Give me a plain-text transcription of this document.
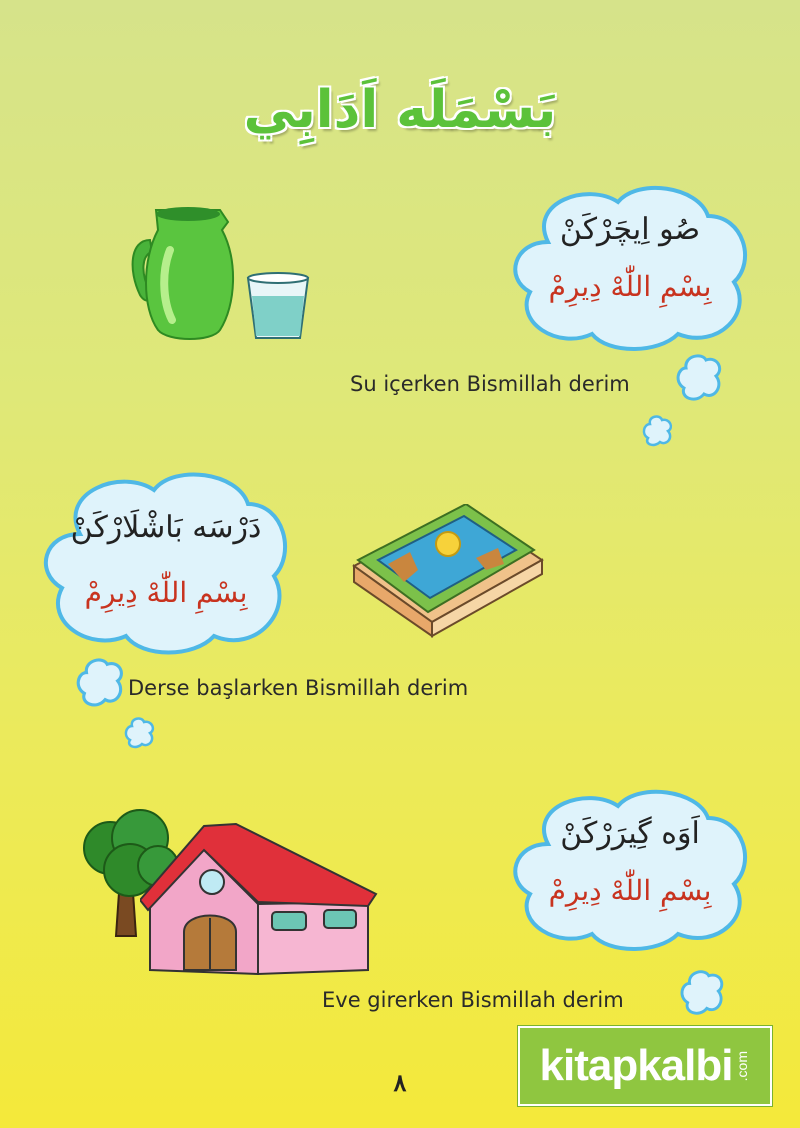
بَسْمَلَه اَدَابِي
صُو اِيچَرْكَنْ
بِسْمِ اللّٰهْ دِيرِمْ
Su içerken Bismillah derim
دَرْسَه بَاشْلَارْكَنْ
بِسْمِ اللّٰهْ دِيرِمْ
Derse başlarken Bismillah derim
اَوَه گِيرَرْكَنْ
بِسْمِ اللّٰهْ دِيرِمْ
Eve girerken Bismillah derim
٨	kitapkalbi .com
